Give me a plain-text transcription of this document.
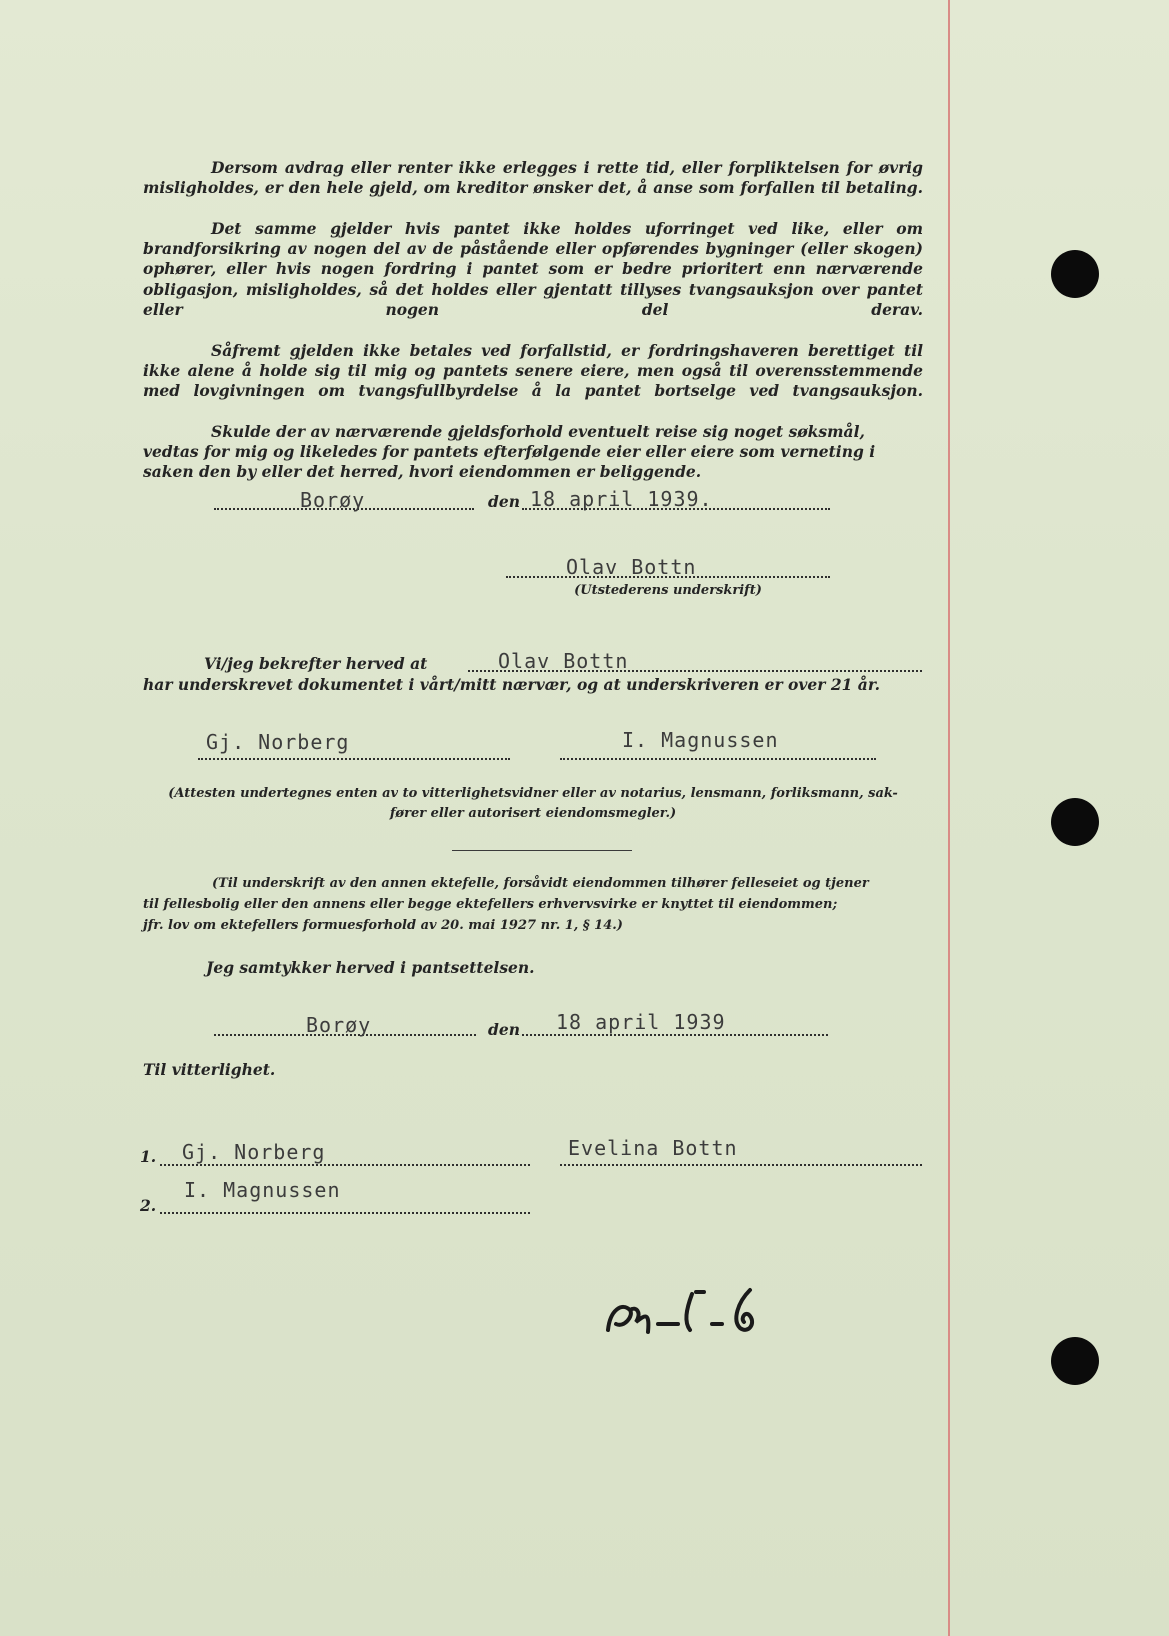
Dersom avdrag eller renter ikke erlegges i rette tid, eller forpliktelsen for øvrig misligholdes, er den hele gjeld, om kreditor ønsker det, å anse som forfallen til betaling.

Det samme gjelder hvis pantet ikke holdes uforringet ved like, eller om brandforsikring av nogen del av de påstående eller opførendes bygninger (eller skogen) ophører, eller hvis nogen fordring i pantet som er bedre prioritert enn nærværende obligasjon, misligholdes, så det holdes eller gjentatt tillyses tvangsauksjon over pantet eller nogen del derav.

Såfremt gjelden ikke betales ved forfallstid, er fordringshaveren berettiget til ikke alene å holde sig til mig og pantets senere eiere, men også til overensstemmende med lovgivningen om tvangsfullbyrdelse å la pantet bortselge ved tvangsauksjon.

Skulde der av nærværende gjeldsforhold eventuelt reise sig noget søksmål, vedtas for mig og likeledes for pantets efterfølgende eier eller eiere som verneting i saken den by eller det herred, hvori eiendommen er beliggende.

Borøy	den 18 april 1939.
Olav Bottn
(Utstederens underskrift)
Vi/jeg bekrefter herved at	Olav Bottn
har underskrevet dokumentet i vårt/mitt nærvær, og at underskriveren er over 21 år.
Gj. Norberg	I. Magnussen
(Attesten undertegnes enten av to vitterlighetsvidner eller av notarius, lensmann, forliksmann, sak-
fører eller autorisert eiendomsmegler.)
(Til underskrift av den annen ektefelle, forsåvidt eiendommen tilhører felleseiet og tjener
til fellesbolig eller den annens eller begge ektefellers erhvervsvirke er knyttet til eiendommen;
jfr. lov om ektefellers formuesforhold av 20. mai 1927 nr. 1, § 14.)
Jeg samtykker herved i pantsettelsen.
Borøy	den 18 april 1939
Til vitterlighet.
1. Gj. Norberg	Evelina Bottn
2.
I. Magnussen
